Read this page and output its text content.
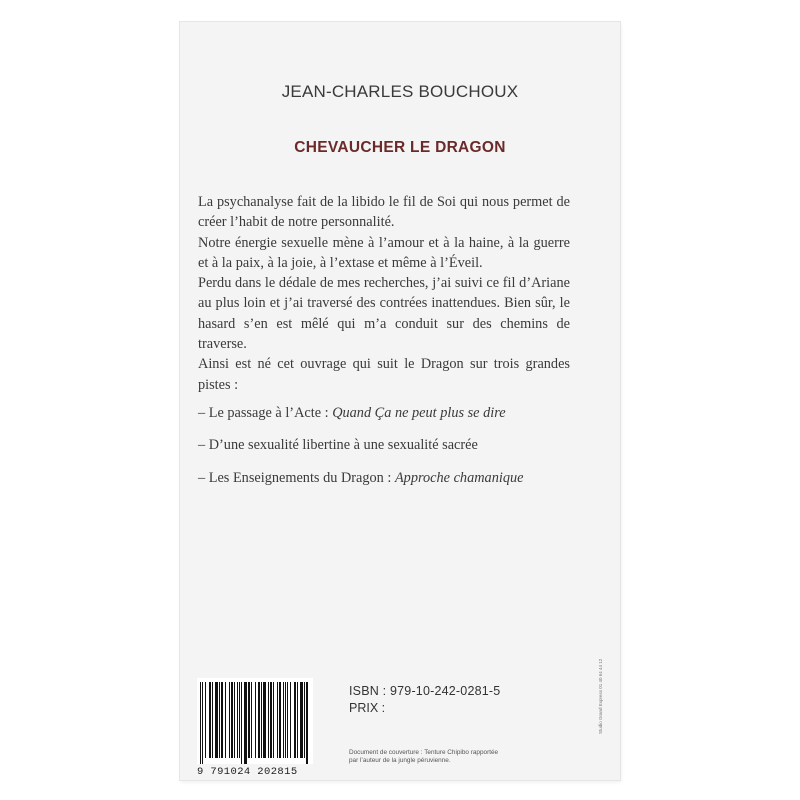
JEAN-CHARLES BOUCHOUX
CHEVAUCHER LE DRAGON

La psychanalyse fait de la libido le fil de Soi qui nous permet de créer l’habit de notre personnalité.

Notre énergie sexuelle mène à l’amour et à la haine, à la guerre et à la paix, à la joie, à l’extase et même à l’Éveil.

Perdu dans le dédale de mes recherches, j’ai suivi ce fil d’Ariane au plus loin et j’ai traversé des contrées inattendues. Bien sûr, le hasard s’en est mêlé qui m’a conduit sur des chemins de traverse.

Ainsi est né cet ouvrage qui suit le Dragon sur trois grandes pistes :

– Le passage à l’Acte : Quand Ça ne peut plus se dire

– D’une sexualité libertine à une sexualité sacrée

– Les Enseignements du Dragon : Approche chamanique

Studio Grand Express 01 40 64 44 12
9 791024 202815
ISBN : 979-10-242-0281-5
PRIX :
Document de couverture : Tenture Chipibo rapportée
par l’auteur de la jungle péruvienne.
